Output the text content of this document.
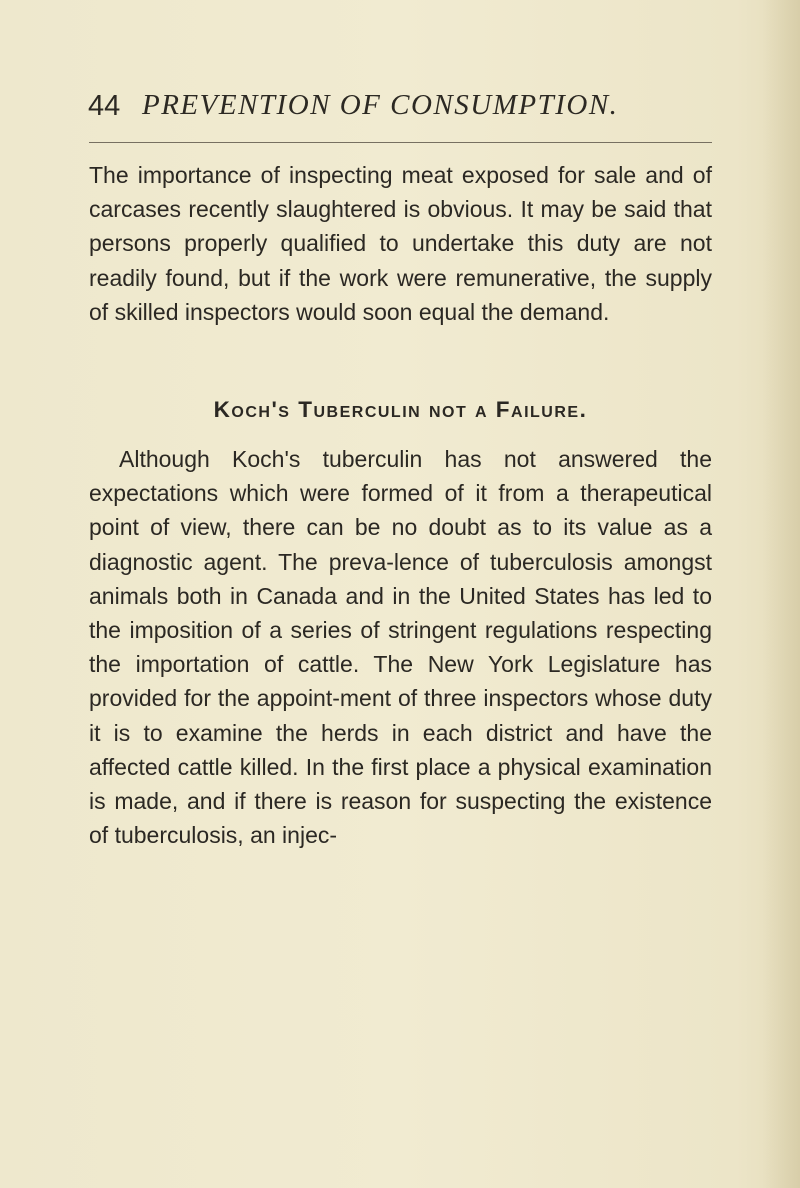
44 PREVENTION OF CONSUMPTION.

The importance of inspecting meat exposed for sale and of carcases recently slaughtered is obvious. It may be said that persons properly qualified to undertake this duty are not readily found, but if the work were remunerative, the supply of skilled inspectors would soon equal the demand.

Koch's Tuberculin not a Failure.

Although Koch's tuberculin has not answered the expectations which were formed of it from a therapeutical point of view, there can be no doubt as to its value as a diagnostic agent. The preva-lence of tuberculosis amongst animals both in Canada and in the United States has led to the imposition of a series of stringent regulations respecting the importation of cattle. The New York Legislature has provided for the appoint-ment of three inspectors whose duty it is to examine the herds in each district and have the affected cattle killed. In the first place a physical examination is made, and if there is reason for suspecting the existence of tuberculosis, an injec-
